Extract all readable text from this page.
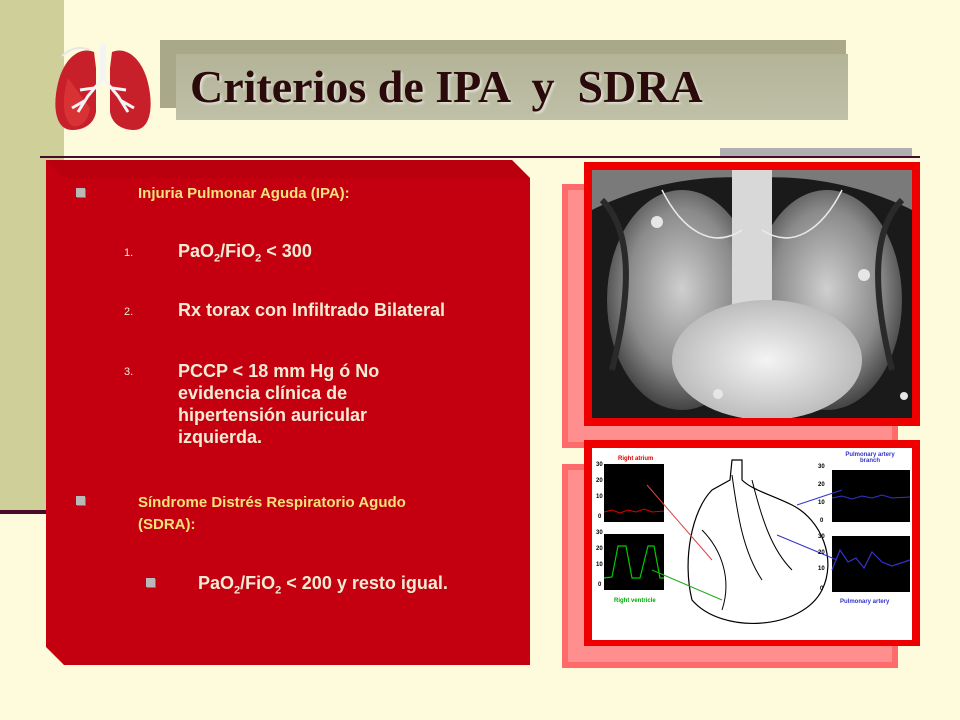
Criterios de IPA  y  SDRA
Injuria Pulmonar Aguda (IPA):
1. PaO$_2$/FiO$_2$ < 300
2. Rx torax con Infiltrado Bilateral
3. PCCP < 18 mm Hg ó No evidencia clínica de hipertensión auricular izquierda.
Síndrome Distrés Respiratorio Agudo (SDRA):
PaO$_2$/FiO$_2$ < 200 y resto igual.
Right atrium
Right ventricle
Pulmonary artery branch
Pulmonary artery
30
20
10
0
30
20
10
0
30
20
10
0
30
20
10
0
